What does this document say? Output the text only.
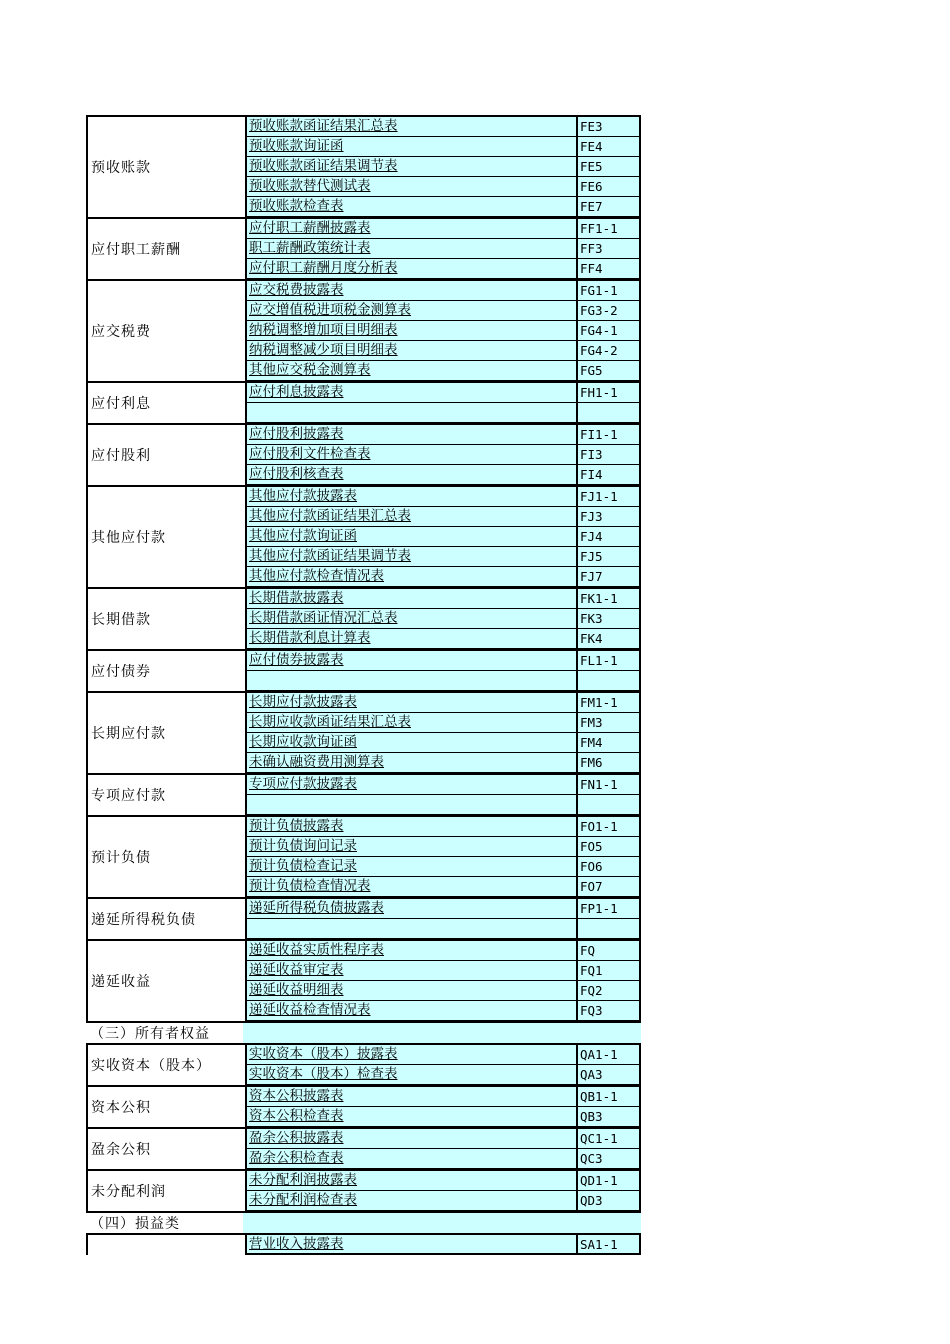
预收账款
预收账款函证结果汇总表	FE3
预收账款询证函	FE4
预收账款函证结果调节表	FE5
预收账款替代测试表	FE6
预收账款检查表	FE7
应付职工薪酬
应付职工薪酬披露表	FF1-1
职工薪酬政策统计表	FF3
应付职工薪酬月度分析表	FF4
应交税费
应交税费披露表	FG1-1
应交增值税进项税金测算表	FG3-2
纳税调整增加项目明细表	FG4-1
纳税调整减少项目明细表	FG4-2
其他应交税金测算表	FG5
应付利息
应付利息披露表	FH1-1
应付股利
应付股利披露表	FI1-1
应付股利文件检查表	FI3
应付股利核查表	FI4
其他应付款
其他应付款披露表	FJ1-1
其他应付款函证结果汇总表	FJ3
其他应付款询证函	FJ4
其他应付款函证结果调节表	FJ5
其他应付款检查情况表	FJ7
长期借款
长期借款披露表	FK1-1
长期借款函证情况汇总表	FK3
长期借款利息计算表	FK4
应付债券
应付债券披露表	FL1-1
长期应付款
长期应付款披露表	FM1-1
长期应收款函证结果汇总表	FM3
长期应收款询证函	FM4
未确认融资费用测算表	FM6
专项应付款
专项应付款披露表	FN1-1
预计负债
预计负债披露表	FO1-1
预计负债询问记录	FO5
预计负债检查记录	FO6
预计负债检查情况表	FO7
递延所得税负债
递延所得税负债披露表	FP1-1
递延收益
递延收益实质性程序表	FQ
递延收益审定表	FQ1
递延收益明细表	FQ2
递延收益检查情况表	FQ3
（三）所有者权益
实收资本（股本）
实收资本（股本）披露表	QA1-1
实收资本（股本）检查表	QA3
资本公积
资本公积披露表	QB1-1
资本公积检查表	QB3
盈余公积
盈余公积披露表	QC1-1
盈余公积检查表	QC3
未分配利润
未分配利润披露表	QD1-1
未分配利润检查表	QD3
（四）损益类
营业收入披露表	SA1-1
